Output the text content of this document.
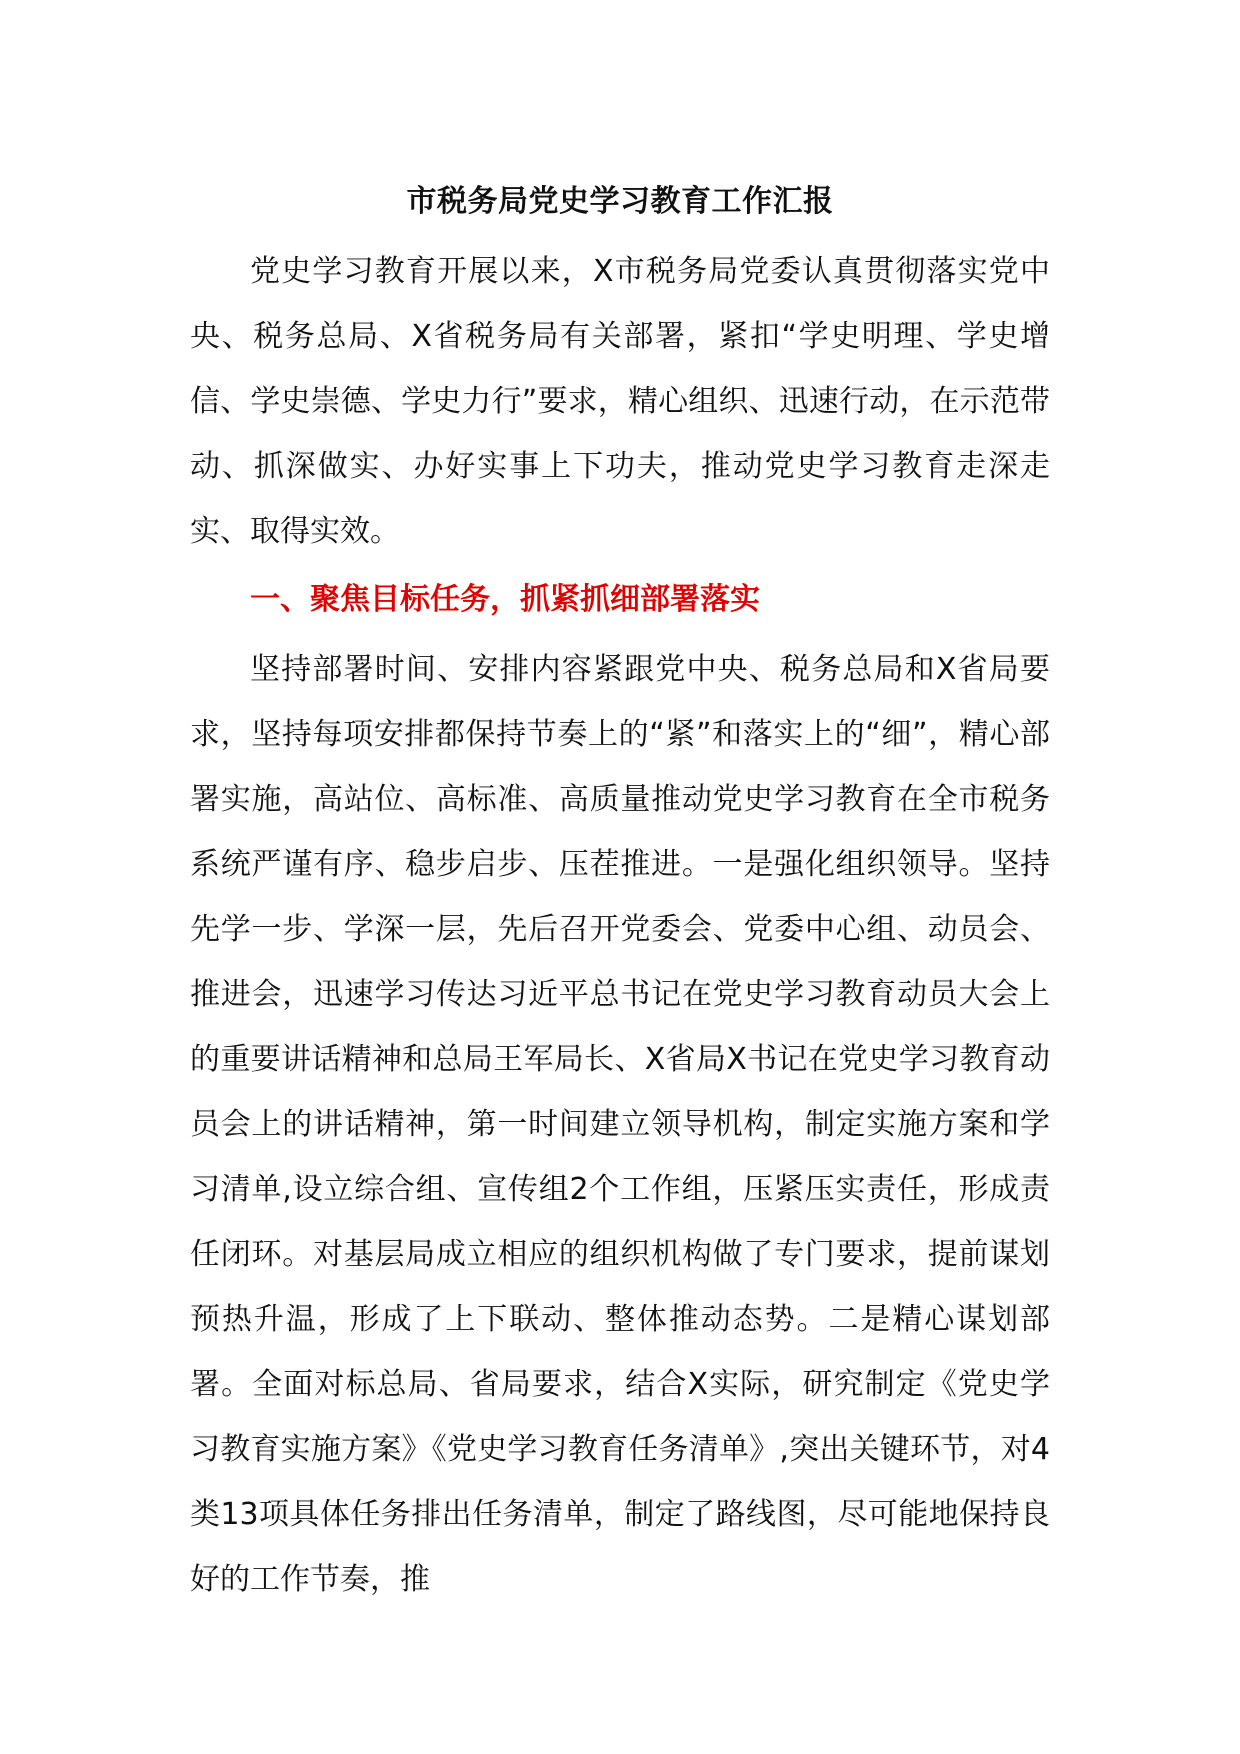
市税务局党史学习教育工作汇报

党史学习教育开展以来，X市税务局党委认真贯彻落实党中央、税务总局、X省税务局有关部署，紧扣“学史明理、学史增信、学史崇德、学史力行”要求，精心组织、迅速行动，在示范带动、抓深做实、办好实事上下功夫，推动党史学习教育走深走实、取得实效。

一、聚焦目标任务，抓紧抓细部署落实

坚持部署时间、安排内容紧跟党中央、税务总局和X省局要求，坚持每项安排都保持节奏上的“紧”和落实上的“细”，精心部署实施，高站位、高标准、高质量推动党史学习教育在全市税务系统严谨有序、稳步启步、压茬推进。一是强化组织领导。坚持先学一步、学深一层，先后召开党委会、党委中心组、动员会、推进会，迅速学习传达习近平总书记在党史学习教育动员大会上的重要讲话精神和总局王军局长、X省局X书记在党史学习教育动员会上的讲话精神，第一时间建立领导机构，制定实施方案和学习清单,设立综合组、宣传组2个工作组，压紧压实责任，形成责任闭环。对基层局成立相应的组织机构做了专门要求，提前谋划预热升温，形成了上下联动、整体推动态势。二是精心谋划部署。全面对标总局、省局要求，结合X实际，研究制定《党史学习教育实施方案》《党史学习教育任务清单》,突出关键环节，对4类13项具体任务排出任务清单，制定了路线图，尽可能地保持良好的工作节奏，推
